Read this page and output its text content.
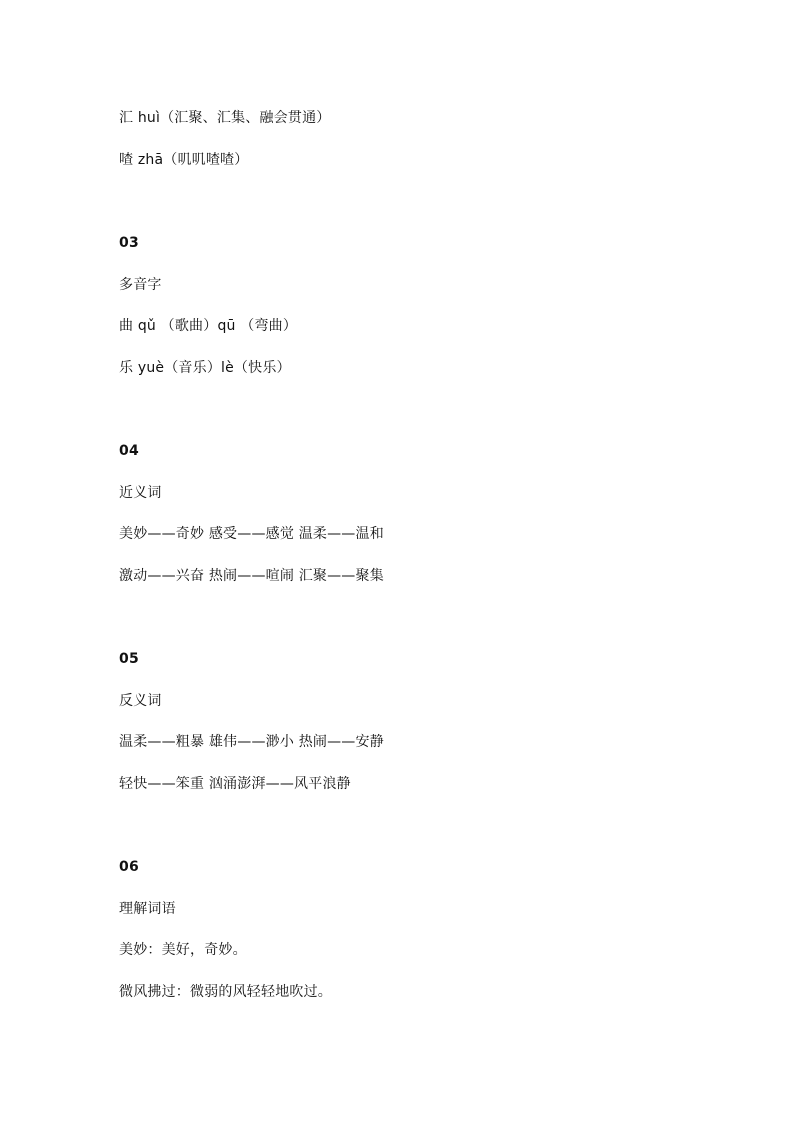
汇 huì（汇聚、汇集、融会贯通）
喳 zhā（叽叽喳喳）
03
多音字
曲 qǔ （歌曲）qū （弯曲）
乐 yuè（音乐）lè（快乐）
04
近义词
美妙——奇妙 感受——感觉 温柔——温和
激动——兴奋 热闹——喧闹 汇聚——聚集
05
反义词
温柔——粗暴 雄伟——渺小 热闹——安静
轻快——笨重 汹涌澎湃——风平浪静
06
理解词语
美妙：美好，奇妙。
微风拂过：微弱的风轻轻地吹过。
